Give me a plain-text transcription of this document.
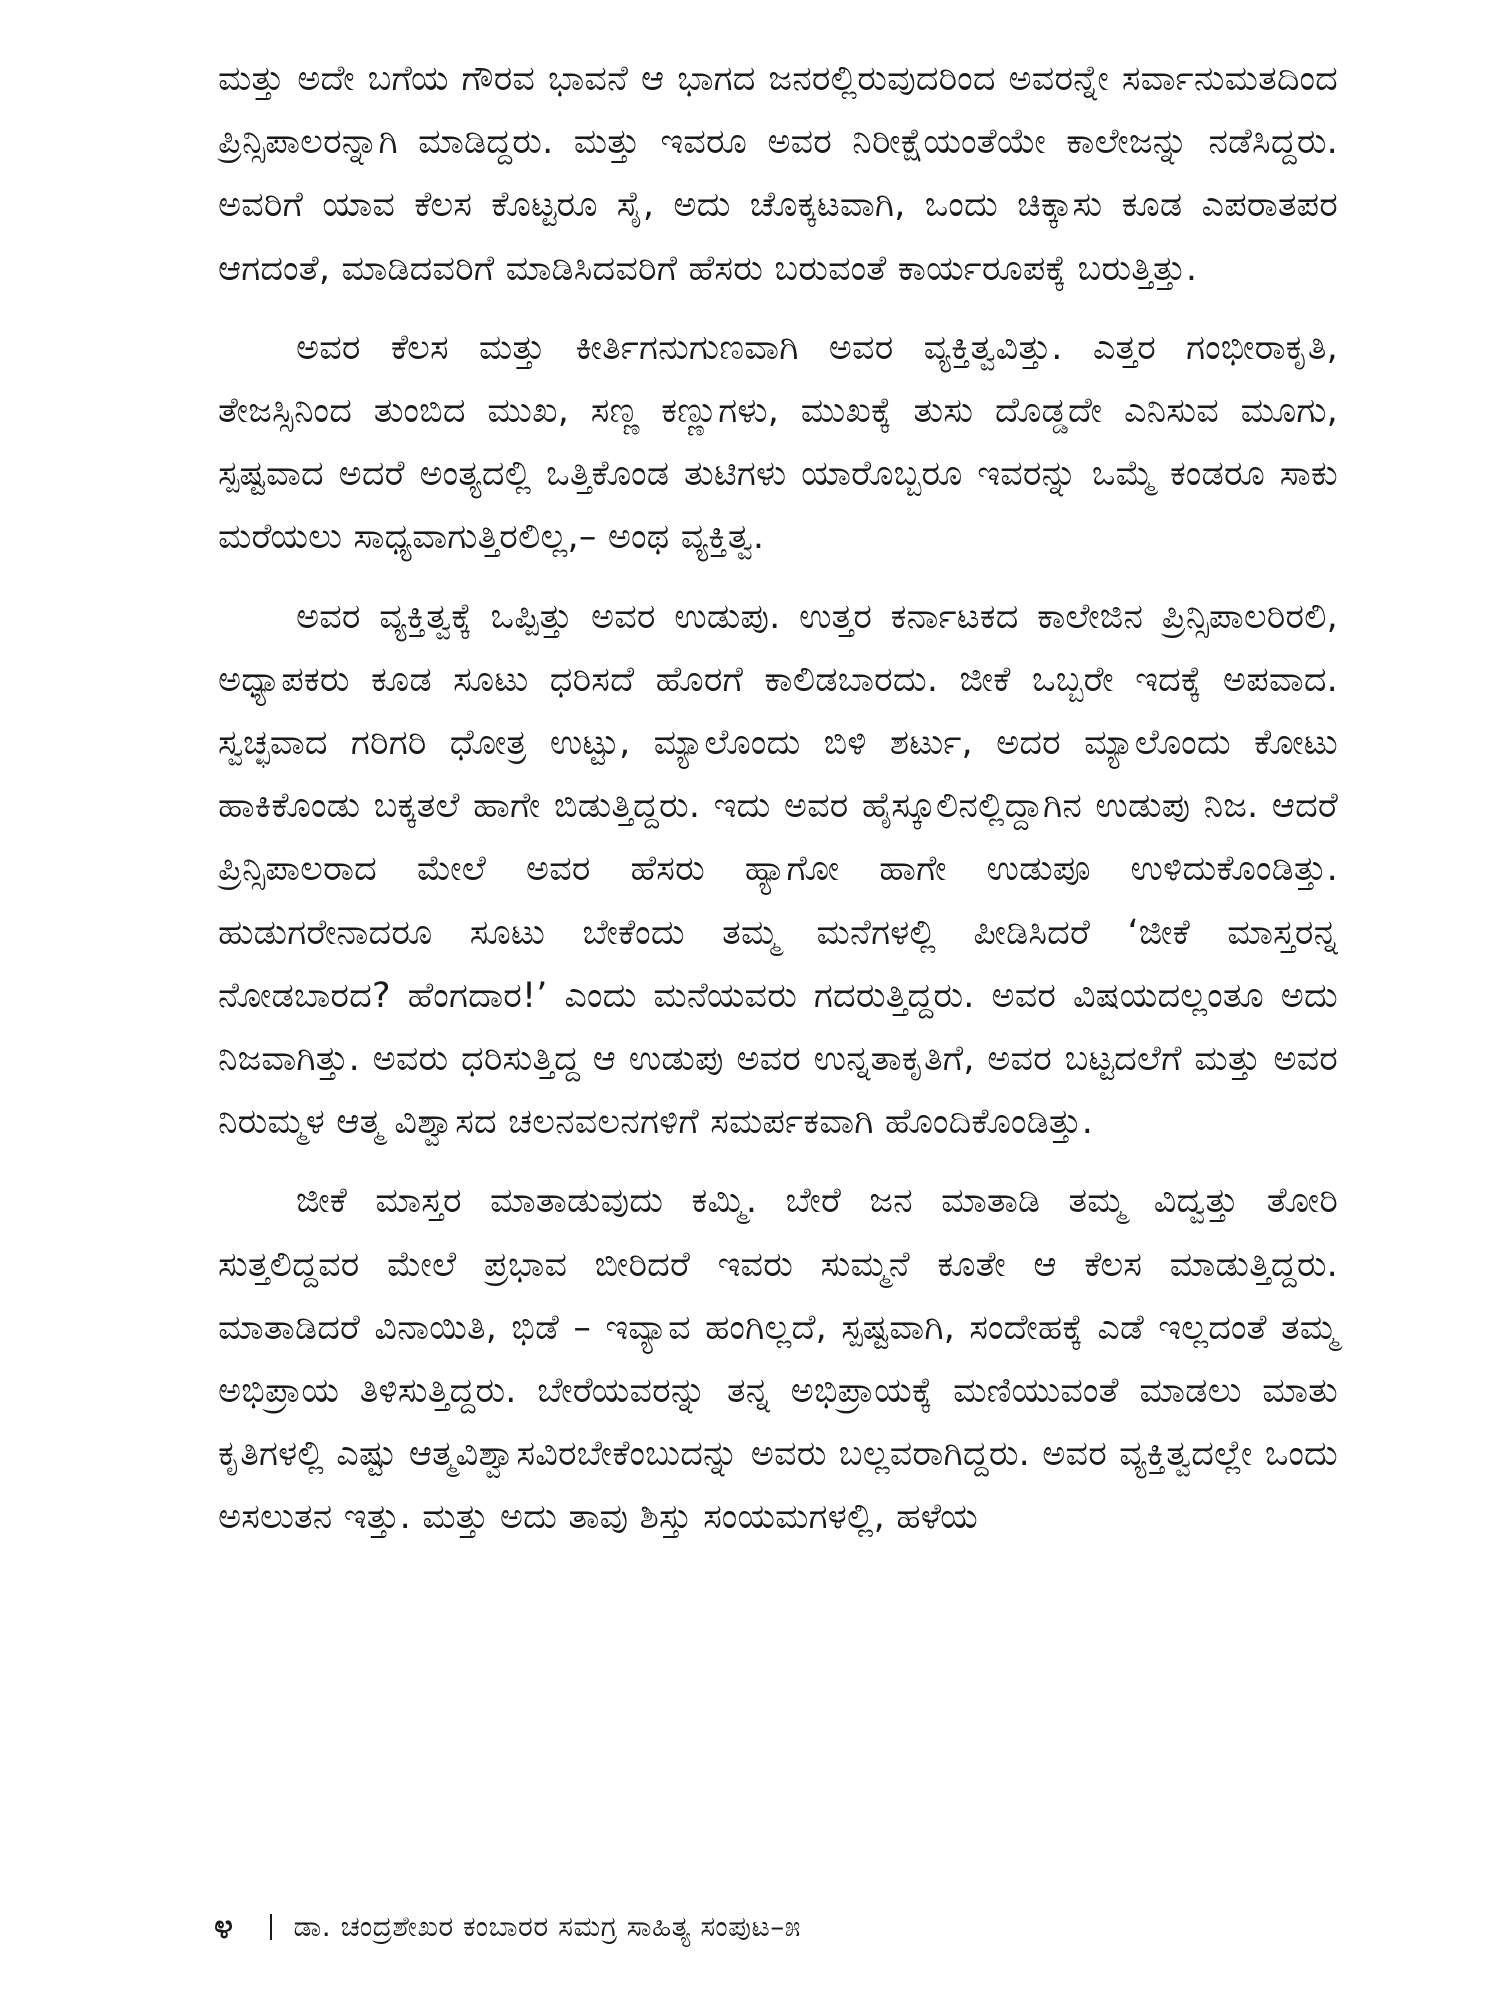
ಮತ್ತು ಅದೇ ಬಗೆಯ ಗೌರವ ಭಾವನೆ ಆ ಭಾಗದ ಜನರಲ್ಲಿರುವುದರಿಂದ ಅವರನ್ನೇ ಸರ್ವಾನುಮತದಿಂದ ಪ್ರಿನ್ಸಿಪಾಲರನ್ನಾಗಿ ಮಾಡಿದ್ದರು. ಮತ್ತು ಇವರೂ ಅವರ ನಿರೀಕ್ಷೆಯಂತೆಯೇ ಕಾಲೇಜನ್ನು ನಡೆಸಿದ್ದರು. ಅವರಿಗೆ ಯಾವ ಕೆಲಸ ಕೊಟ್ಟರೂ ಸೈ, ಅದು ಚೊಕ್ಕಟವಾಗಿ, ಒಂದು ಚಿಕ್ಕಾಸು ಕೂಡ ಎಪರಾತಪರ ಆಗದಂತೆ, ಮಾಡಿದವರಿಗೆ ಮಾಡಿಸಿದವರಿಗೆ ಹೆಸರು ಬರುವಂತೆ ಕಾರ್ಯರೂಪಕ್ಕೆ ಬರುತ್ತಿತ್ತು.

ಅವರ ಕೆಲಸ ಮತ್ತು ಕೀರ್ತಿಗನುಗುಣವಾಗಿ ಅವರ ವ್ಯಕ್ತಿತ್ವವಿತ್ತು. ಎತ್ತರ ಗಂಭೀರಾಕೃತಿ, ತೇಜಸ್ಸಿನಿಂದ ತುಂಬಿದ ಮುಖ, ಸಣ್ಣ ಕಣ್ಣುಗಳು, ಮುಖಕ್ಕೆ ತುಸು ದೊಡ್ಡದೇ ಎನಿಸುವ ಮೂಗು, ಸ್ಪಷ್ಟವಾದ ಅದರೆ ಅಂತ್ಯದಲ್ಲಿ ಒತ್ತಿಕೊಂಡ ತುಟಿಗಳು ಯಾರೊಬ್ಬರೂ ಇವರನ್ನು ಒಮ್ಮೆ ಕಂಡರೂ ಸಾಕು ಮರೆಯಲು ಸಾಧ್ಯವಾಗುತ್ತಿರಲಿಲ್ಲ,– ಅಂಥ ವ್ಯಕ್ತಿತ್ವ.

ಅವರ ವ್ಯಕ್ತಿತ್ವಕ್ಕೆ ಒಪ್ಪಿತ್ತು ಅವರ ಉಡುಪು. ಉತ್ತರ ಕರ್ನಾಟಕದ ಕಾಲೇಜಿನ ಪ್ರಿನ್ಸಿಪಾಲರಿರಲಿ, ಅಧ್ಯಾಪಕರು ಕೂಡ ಸೂಟು ಧರಿಸದೆ ಹೊರಗೆ ಕಾಲಿಡಬಾರದು. ಜೀಕೆ ಒಬ್ಬರೇ ಇದಕ್ಕೆ ಅಪವಾದ. ಸ್ವಚ್ಛವಾದ ಗರಿಗರಿ ಧೋತ್ರ ಉಟ್ಟು, ಮ್ಯಾಲೊಂದು ಬಿಳಿ ಶರ್ಟು, ಅದರ ಮ್ಯಾಲೊಂದು ಕೋಟು ಹಾಕಿಕೊಂಡು ಬಕ್ಕತಲೆ ಹಾಗೇ ಬಿಡುತ್ತಿದ್ದರು. ಇದು ಅವರ ಹೈಸ್ಕೂಲಿನಲ್ಲಿದ್ದಾಗಿನ ಉಡುಪು ನಿಜ. ಆದರೆ ಪ್ರಿನ್ಸಿಪಾಲರಾದ ಮೇಲೆ ಅವರ ಹೆಸರು ಹ್ಯಾಗೋ ಹಾಗೇ ಉಡುಪೂ ಉಳಿದುಕೊಂಡಿತ್ತು. ಹುಡುಗರೇನಾದರೂ ಸೂಟು ಬೇಕೆಂದು ತಮ್ಮ ಮನೆಗಳಲ್ಲಿ ಪೀಡಿಸಿದರೆ ‘ಜೀಕೆ ಮಾಸ್ತರನ್ನ ನೋಡಬಾರದ? ಹೆಂಗದಾರ!’ ಎಂದು ಮನೆಯವರು ಗದರುತ್ತಿದ್ದರು. ಅವರ ವಿಷಯದಲ್ಲಂತೂ ಅದು ನಿಜವಾಗಿತ್ತು. ಅವರು ಧರಿಸುತ್ತಿದ್ದ ಆ ಉಡುಪು ಅವರ ಉನ್ನತಾಕೃತಿಗೆ, ಅವರ ಬಟ್ಟದಲೆಗೆ ಮತ್ತು ಅವರ ನಿರುಮ್ಮಳ ಆತ್ಮ ವಿಶ್ವಾಸದ ಚಲನವಲನಗಳಿಗೆ ಸಮರ್ಪಕವಾಗಿ ಹೊಂದಿಕೊಂಡಿತ್ತು.

ಜೀಕೆ ಮಾಸ್ತರ ಮಾತಾಡುವುದು ಕಮ್ಮಿ. ಬೇರೆ ಜನ ಮಾತಾಡಿ ತಮ್ಮ ವಿದ್ವತ್ತು ತೋರಿ ಸುತ್ತಲಿದ್ದವರ ಮೇಲೆ ಪ್ರಭಾವ ಬೀರಿದರೆ ಇವರು ಸುಮ್ಮನೆ ಕೂತೇ ಆ ಕೆಲಸ ಮಾಡುತ್ತಿದ್ದರು. ಮಾತಾಡಿದರೆ ವಿನಾಯಿತಿ, ಭಿಡೆ – ಇವ್ಯಾವ ಹಂಗಿಲ್ಲದೆ, ಸ್ಪಷ್ಟವಾಗಿ, ಸಂದೇಹಕ್ಕೆ ಎಡೆ ಇಲ್ಲದಂತೆ ತಮ್ಮ ಅಭಿಪ್ರಾಯ ತಿಳಿಸುತ್ತಿದ್ದರು. ಬೇರೆಯವರನ್ನು ತನ್ನ ಅಭಿಪ್ರಾಯಕ್ಕೆ ಮಣಿಯುವಂತೆ ಮಾಡಲು ಮಾತು ಕೃತಿಗಳಲ್ಲಿ ಎಷ್ಟು ಆತ್ಮವಿಶ್ವಾಸವಿರಬೇಕೆಂಬುದನ್ನು ಅವರು ಬಲ್ಲವರಾಗಿದ್ದರು. ಅವರ ವ್ಯಕ್ತಿತ್ವದಲ್ಲೇ ಒಂದು ಅಸಲುತನ ಇತ್ತು. ಮತ್ತು ಅದು ತಾವು ಶಿಸ್ತು ಸಂಯಮಗಳಲ್ಲಿ, ಹಳೆಯ

೪ ಡಾ. ಚಂದ್ರಶೇಖರ ಕಂಬಾರರ ಸಮಗ್ರ ಸಾಹಿತ್ಯ ಸಂಪುಟ–೫
